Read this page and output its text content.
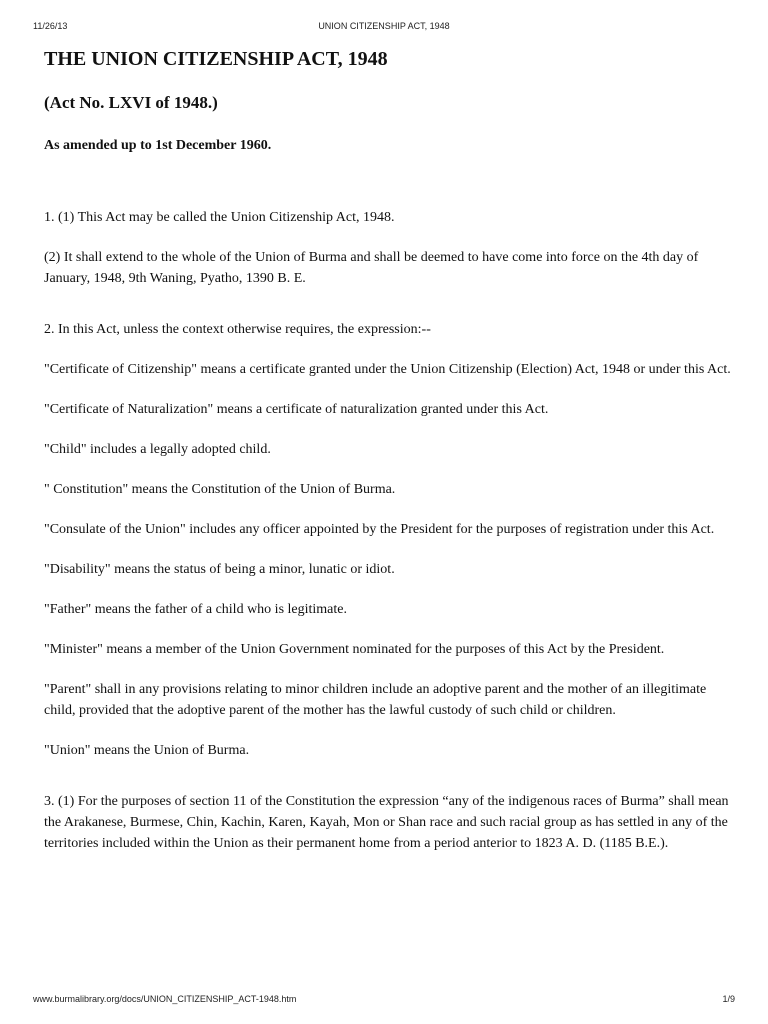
11/26/13	UNION CITIZENSHIP ACT, 1948
THE UNION CITIZENSHIP ACT, 1948
(Act No. LXVI of 1948.)
As amended up to 1st December 1960.

1. (1) This Act may be called the Union Citizenship Act, 1948.

(2) It shall extend to the whole of the Union of Burma and shall be deemed to have come into force on the 4th day of January, 1948, 9th Waning, Pyatho, 1390 B. E.

2. In this Act, unless the context otherwise requires, the expression:--

"Certificate of Citizenship" means a certificate granted under the Union Citizenship (Election) Act, 1948 or under this Act.

"Certificate of Naturalization" means a certificate of naturalization granted under this Act.

"Child" includes a legally adopted child.

" Constitution" means the Constitution of the Union of Burma.

"Consulate of the Union" includes any officer appointed by the President for the purposes of registration under this Act.

"Disability" means the status of being a minor, lunatic or idiot.

"Father" means the father of a child who is legitimate.

"Minister" means a member of the Union Government nominated for the purposes of this Act by the President.

"Parent" shall in any provisions relating to minor children include an adoptive parent and the mother of an illegitimate child, provided that the adoptive parent of the mother has the lawful custody of such child or children.

"Union" means the Union of Burma.

3. (1) For the purposes of section 11 of the Constitution the expression “any of the indigenous races of Burma” shall mean the Arakanese, Burmese, Chin, Kachin, Karen, Kayah, Mon or Shan race and such racial group as has settled in any of the territories included within the Union as their permanent home from a period anterior to 1823 A. D. (1185 B.E.).

www.burmalibrary.org/docs/UNION_CITIZENSHIP_ACT-1948.htm	1/9
